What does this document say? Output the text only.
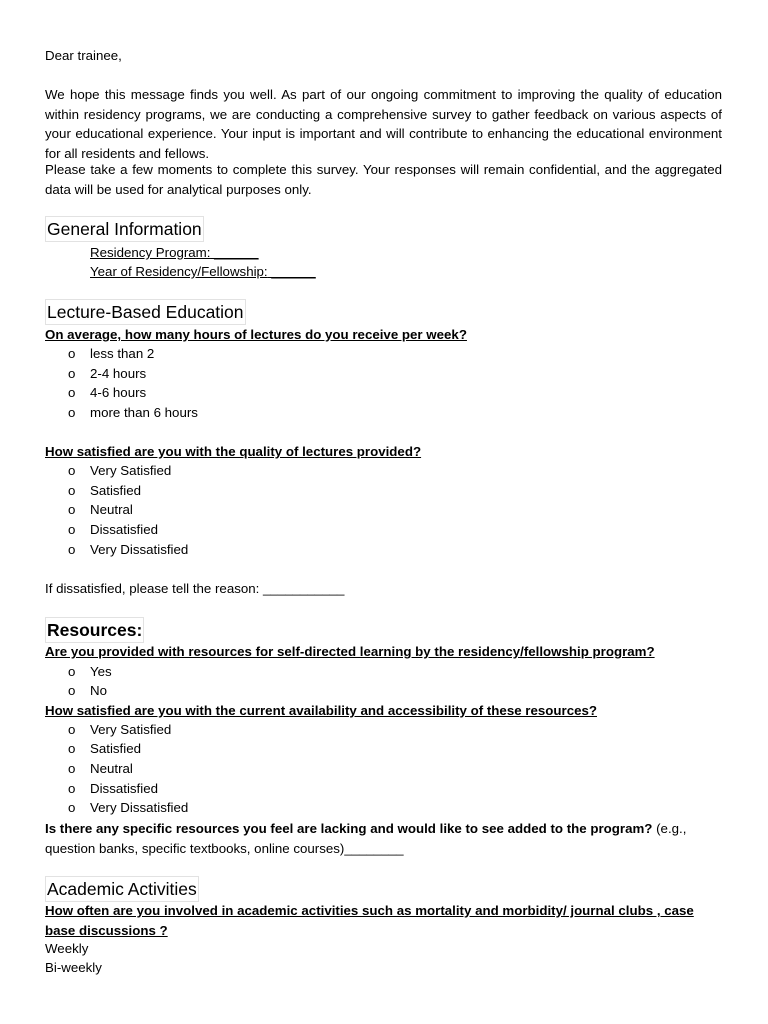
Dear trainee,
We hope this message finds you well. As part of our ongoing commitment to improving the quality of education within residency programs, we are conducting a comprehensive survey to gather feedback on various aspects of your educational experience. Your input is important and will contribute to enhancing the educational environment for all residents and fellows.
Please take a few moments to complete this survey. Your responses will remain confidential, and the aggregated data will be used for analytical purposes only.
General Information
Residency Program: ______
Year of Residency/Fellowship: ______
Lecture-Based Education
On average, how many hours of lectures do you receive per week?
o less than 2
o 2-4 hours
o 4-6 hours
o more than 6 hours
How satisfied are you with the quality of lectures provided?
o Very Satisfied
o Satisfied
o Neutral
o Dissatisfied
o Very Dissatisfied
If dissatisfied, please tell the reason: ___________
Resources:
Are you provided with resources for self-directed learning by the residency/fellowship program?
o Yes
o No
How satisfied are you with the current availability and accessibility of these resources?
o Very Satisfied
o Satisfied
o Neutral
o Dissatisfied
o Very Dissatisfied
Is there any specific resources you feel are lacking and would like to see added to the program? (e.g., question banks, specific textbooks, online courses)________
Academic Activities
How often are you involved in academic activities such as mortality and morbidity/ journal clubs , case base discussions ?
Weekly
Bi-weekly
